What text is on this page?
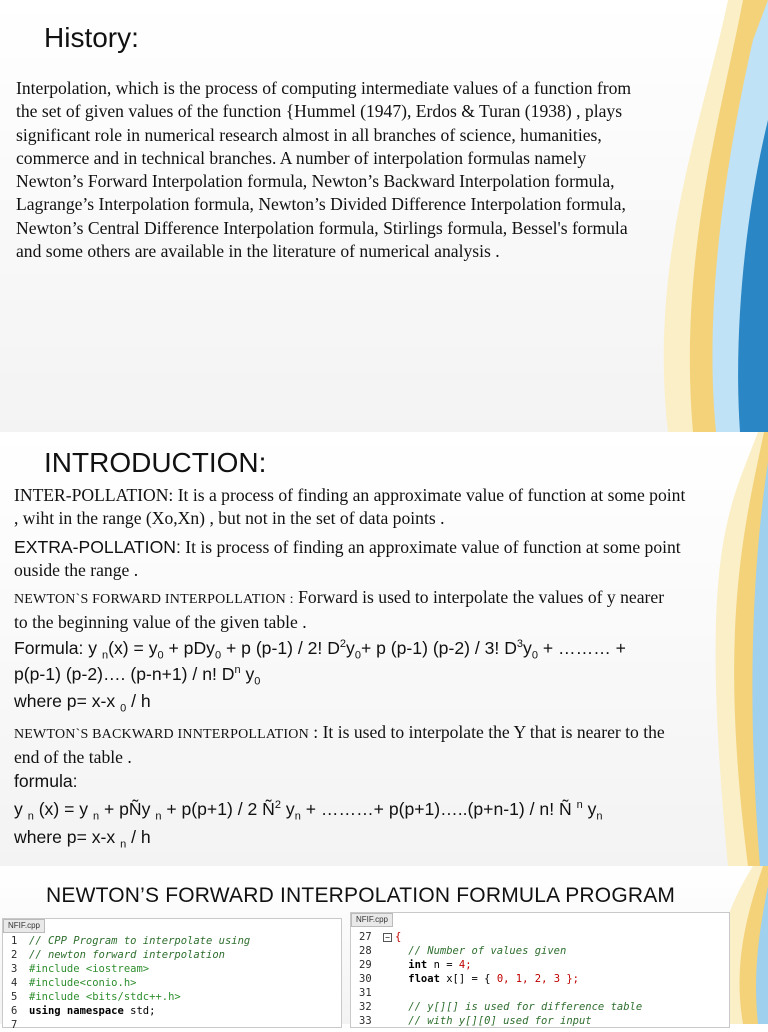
History:
Interpolation, which is the process of computing intermediate values of a function from
the set of given values of the function {Hummel (1947), Erdos & Turan (1938) , plays
significant role in numerical research almost in all branches of science, humanities,
commerce and in technical branches. A number of interpolation formulas namely
Newton’s Forward Interpolation formula, Newton’s Backward Interpolation formula,
Lagrange’s Interpolation formula, Newton’s Divided Difference Interpolation formula,
Newton’s Central Difference Interpolation formula, Stirlings formula, Bessel's formula
and some others are available in the literature of numerical analysis .
INTRODUCTION:
INTER-POLLATION: It is a process of finding an approximate value of function at some point
, wiht in the range (Xo,Xn) , but not in the set of data points .
EXTRA-POLLATION: It is process of finding an approximate value of function at some point
ouside the range .
NEWTON`S FORWARD INTERPOLLATION : Forward is used to interpolate the values of y nearer
to the beginning value of the given table .
Formula: y $_n(x) = y_0 + pDy_0 + p$ (p-1) / 2! $D^2y_0+ p$ (p-1) (p-2) / 3! $D^3y_0$ + ……… +
p(p-1) (p-2)…. (p-n+1) / n! $D^n$ $y_0$
where p= x-x $_0$ / h
NEWTON`S BACKWARD INNTERPOLLATION : It is used to interpolate the Y that is nearer to the
end of the table .
formula:
y $_n$ (x) = y $_n$ + pÑy $_n$ + p(p+1) / 2 $Ñ^2$ $y_n$ + ………+ p(p+1)…..(p+n-1) / n! Ñ $^n$ $y_n$
where p= x-x $_n$ / h
NEWTON’S FORWARD INTERPOLATION FORMULA PROGRAM
NFIF.cpp
1 // CPP Program to interpolate using
2 // newton forward interpolation
3 #include <iostream>
4 #include<conio.h>
5 #include <bits/stdc++.h>
6 using namespace std;
7
NFIF.cpp
27 − {
28    // Number of values given
29    int n = 4;
30    float x[] = { 0, 1, 2, 3 };
31
32    // y[][] is used for difference table
33    // with y[][0] used for input
